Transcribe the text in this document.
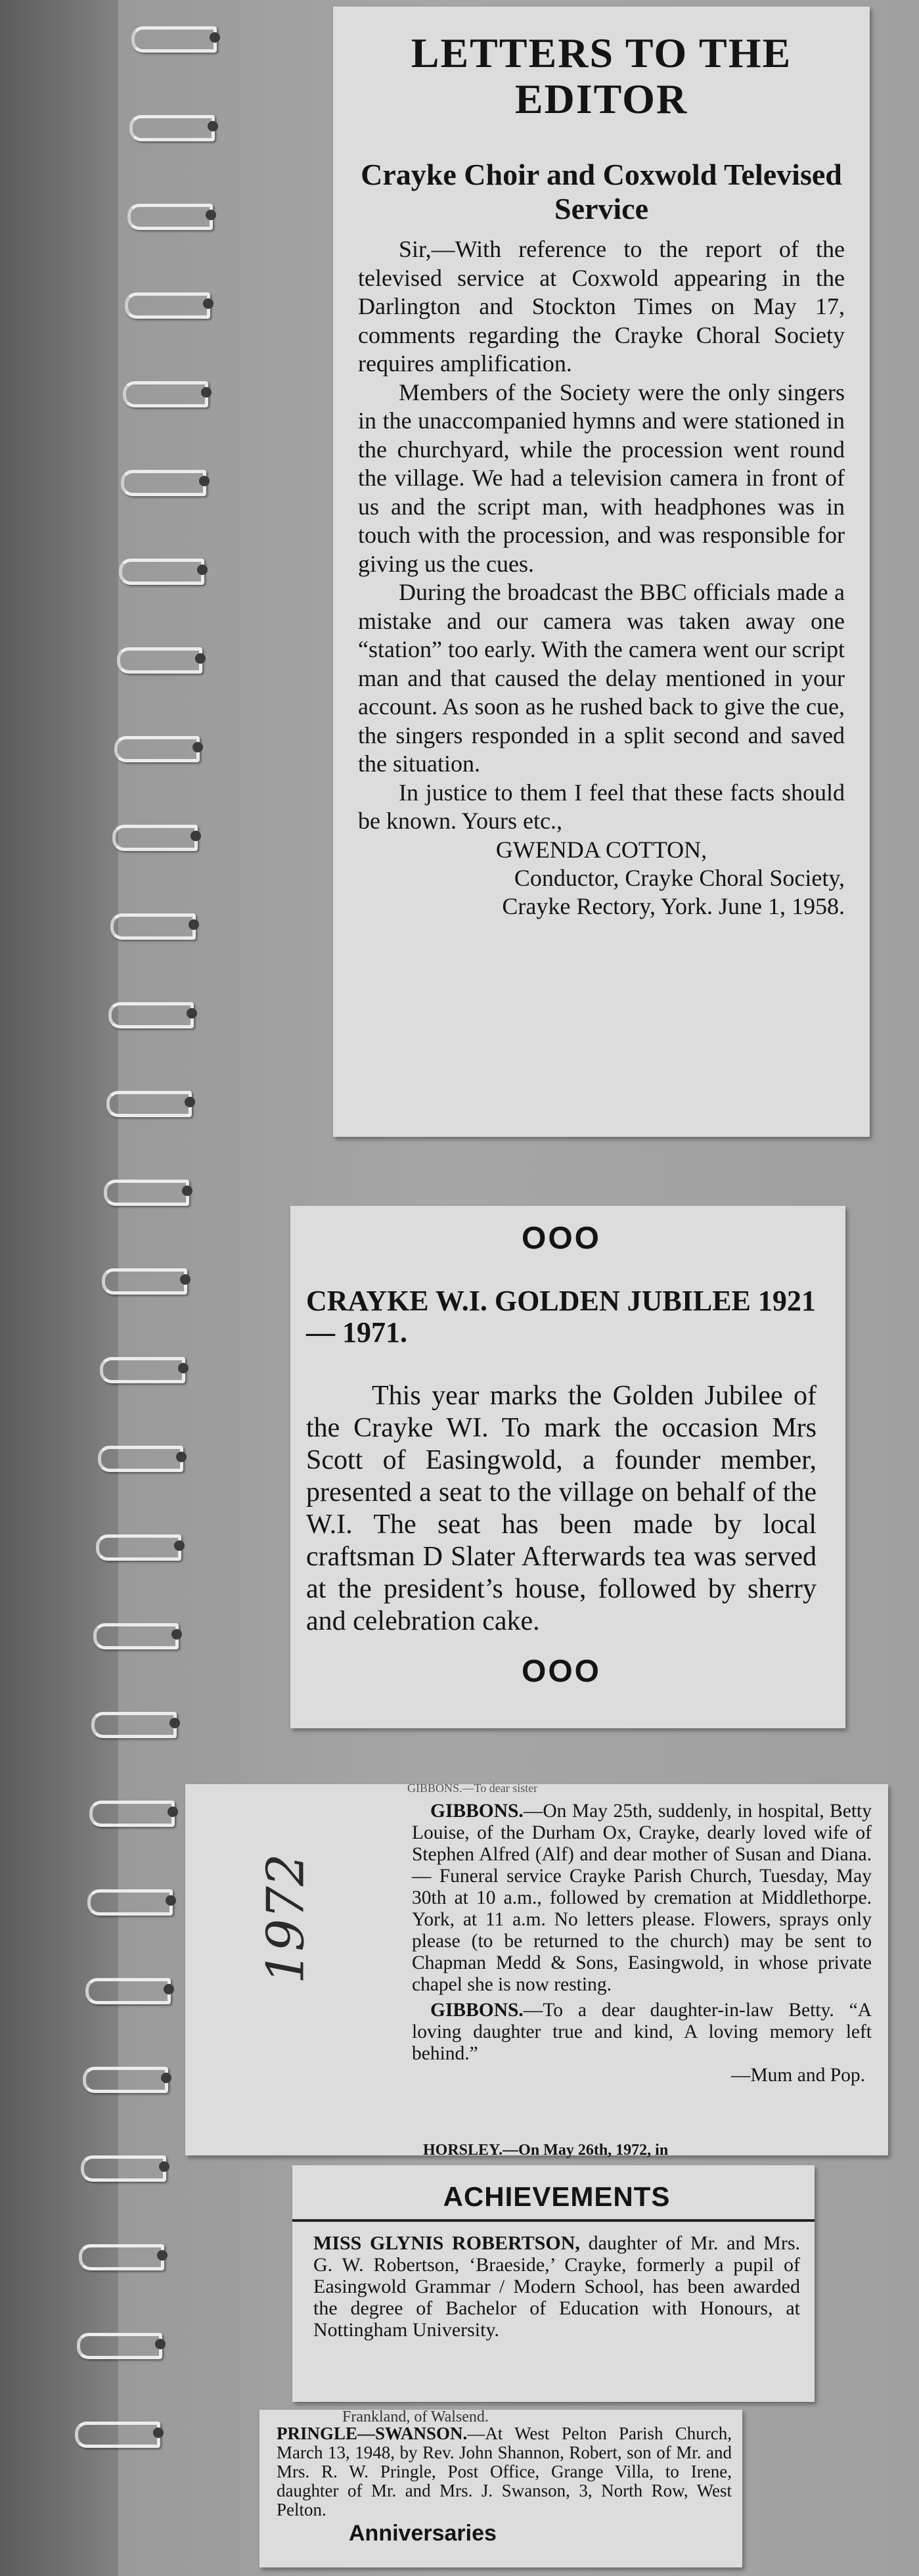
LETTERS TO THE EDITOR
Crayke Choir and Coxwold Televised Service

Sir,—With reference to the report of the televised service at Coxwold appearing in the Darlington and Stockton Times on May 17, comments regarding the Crayke Choral Society requires amplification.

Members of the Society were the only singers in the unaccompanied hymns and were stationed in the churchyard, while the procession went round the village. We had a television camera in front of us and the script man, with headphones was in touch with the procession, and was responsible for giving us the cues.

During the broadcast the BBC officials made a mistake and our camera was taken away one “station” too early. With the camera went our script man and that caused the delay mentioned in your account. As soon as he rushed back to give the cue, the singers responded in a split second and saved the situation.

In justice to them I feel that these facts should be known. Yours etc.,

GWENDA COTTON,
Conductor, Crayke Choral Society,
Crayke Rectory, York. June 1, 1958.
OOO
CRAYKE W.I. GOLDEN JUBILEE 1921 — 1971.

This year marks the Golden Jubilee of the Crayke WI. To mark the occasion Mrs Scott of Easingwold, a founder member, presented a seat to the village on behalf of the W.I. The seat has been made by local craftsman D Slater Afterwards tea was served at the president’s house, followed by sherry and celebration cake.

OOO
1972
GIBBONS.—To dear sister

GIBBONS.—On May 25th, suddenly, in hospital, Betty Louise, of the Durham Ox, Crayke, dearly loved wife of Stephen Alfred (Alf) and dear mother of Susan and Diana. — Funeral service Crayke Parish Church, Tuesday, May 30th at 10 a.m., followed by cremation at Middlethorpe. York, at 11 a.m. No letters please. Flowers, sprays only please (to be returned to the church) may be sent to Chapman Medd & Sons, Easingwold, in whose private chapel she is now resting.

GIBBONS.—To a dear daughter-in-law Betty. “A loving daughter true and kind, A loving memory left behind.”

—Mum and Pop.
HORSLEY.—On May 26th, 1972, in
ACHIEVEMENTS

MISS GLYNIS ROBERTSON, daughter of Mr. and Mrs. G. W. Robertson, ‘Braeside,’ Crayke, formerly a pupil of Easingwold Grammar / Modern School, has been awarded the degree of Bachelor of Education with Honours, at Nottingham University.

Frankland, of Walsend.

PRINGLE—SWANSON.—At West Pelton Parish Church, March 13, 1948, by Rev. John Shannon, Robert, son of Mr. and Mrs. R. W. Pringle, Post Office, Grange Villa, to Irene, daughter of Mr. and Mrs. J. Swanson, 3, North Row, West Pelton.

Anniversaries
